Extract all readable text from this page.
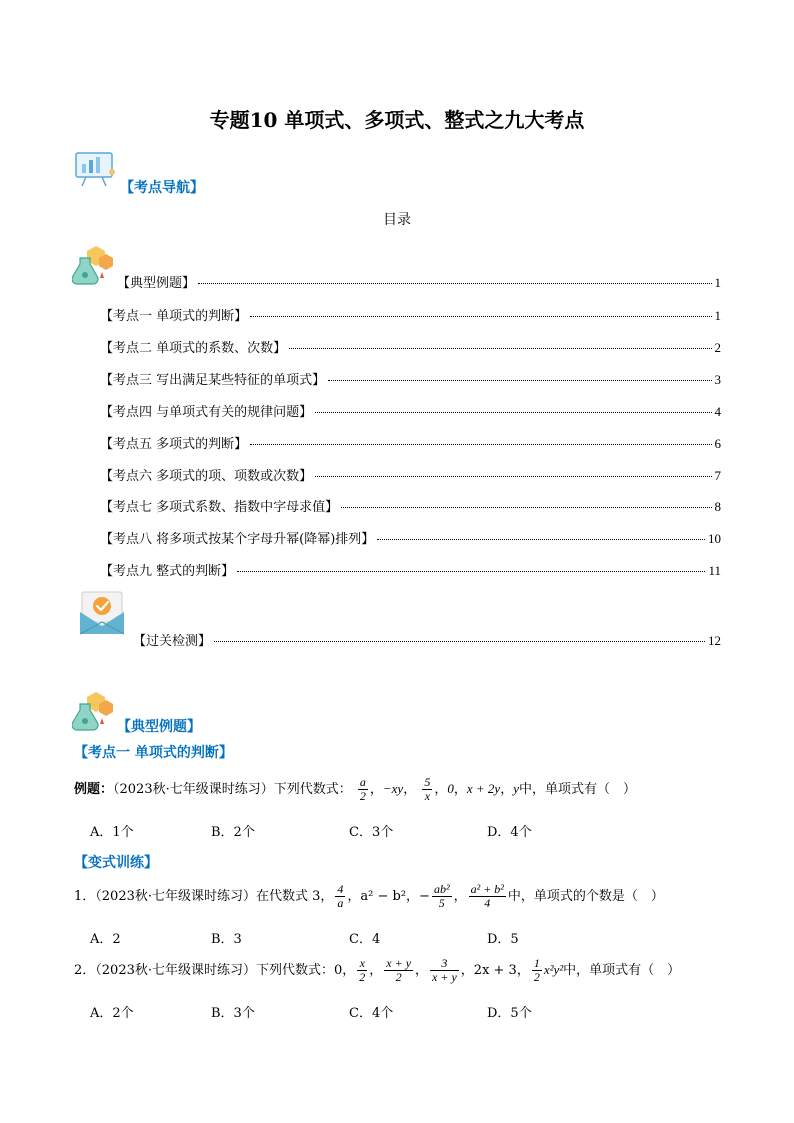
专题10 单项式、多项式、整式之九大考点
【考点导航】
目录
【典型例题】	1
【考点一 单项式的判断】	1
【考点二 单项式的系数、次数】	2
【考点三 写出满足某些特征的单项式】	3
【考点四 与单项式有关的规律问题】	4
【考点五 多项式的判断】	6
【考点六 多项式的项、项数或次数】	7
【考点七 多项式系数、指数中字母求值】	8
【考点八 将多项式按某个字母升幂(降幂)排列】	10
【考点九 整式的判断】	11
【过关检测】	12
【典型例题】
【考点一 单项式的判断】
例题：（2023秋·七年级课时练习）下列代数式： $\frac{a}{2}$ ，−xy， $\frac{5}{x}$ ，0，x + 2y，y中，单项式有（　）
A．1个	B．2个	C．3个	D．4个
【变式训练】
1．（2023秋·七年级课时练习）在代数式 3， $\frac{4}{a}$ ，a² − b²，− $\frac{\text{ab²}}{5}$ ， $\frac{\text{a² + b²}}{4}$ 中，单项式的个数是（　）
A．2	B．3	C．4	D．5
2．（2023秋·七年级课时练习）下列代数式：0， $\frac{x}{2}$ ， $\frac{x + y}{2}$ ， $\frac{3}{x + y}$ ，2x + 3， $\frac{1}{2} x^2y^2$中，单项式有（　）
A．2个	B．3个	C．4个	D．5个
